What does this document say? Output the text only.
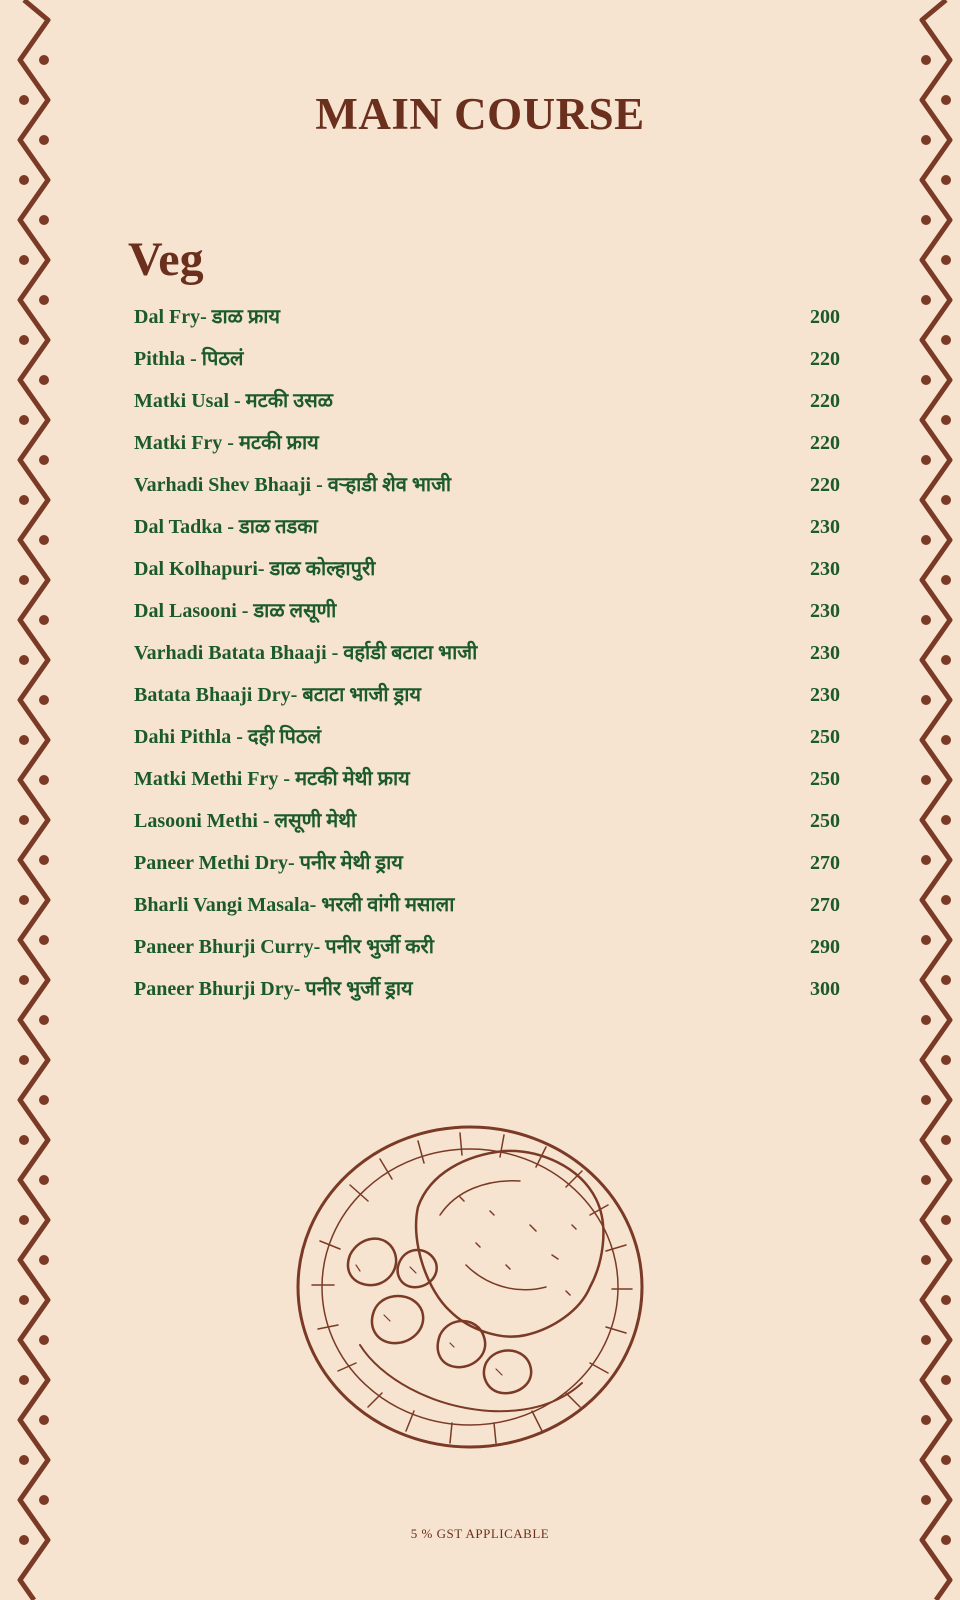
MAIN COURSE
Veg
Dal Fry- डाळ फ्राय	200
Pithla - पिठलं	220
Matki Usal - मटकी उसळ	220
Matki Fry - मटकी फ्राय	220
Varhadi Shev Bhaaji - वऱ्हाडी शेव भाजी	220
Dal Tadka - डाळ तडका	230
Dal Kolhapuri- डाळ कोल्हापुरी	230
Dal Lasooni - डाळ लसूणी	230
Varhadi Batata Bhaaji - वर्हाडी बटाटा भाजी	230
Batata Bhaaji Dry- बटाटा भाजी ड्राय	230
Dahi Pithla - दही पिठलं	250
Matki Methi Fry - मटकी मेथी फ्राय	250
Lasooni Methi - लसूणी मेथी	250
Paneer Methi Dry- पनीर मेथी ड्राय	270
Bharli Vangi Masala- भरली वांगी मसाला	270
Paneer Bhurji Curry- पनीर भुर्जी करी	290
Paneer Bhurji Dry- पनीर भुर्जी ड्राय	300
5 % GST APPLICABLE
